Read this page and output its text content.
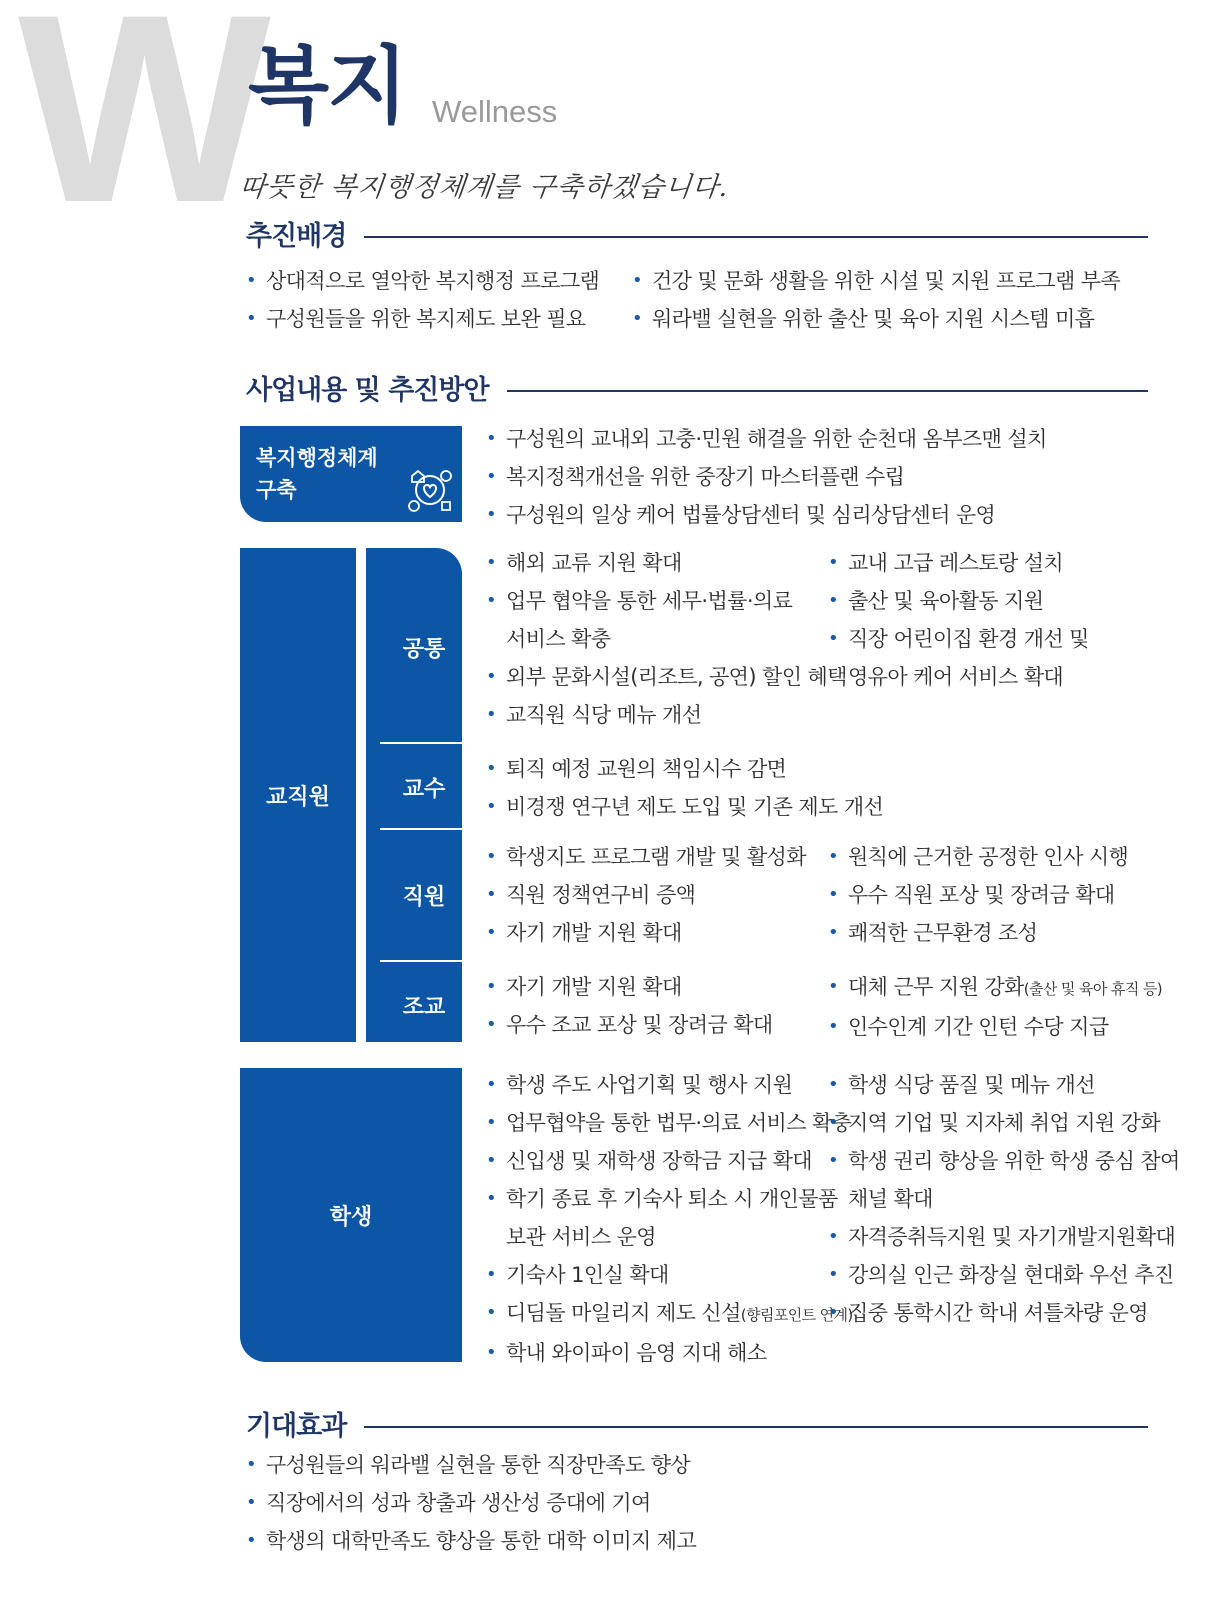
W
복지 Wellness
따뜻한 복지행정체계를 구축하겠습니다.
추진배경
• 상대적으로 열악한 복지행정 프로그램
• 구성원들을 위한 복지제도 보완 필요
• 건강 및 문화 생활을 위한 시설 및 지원 프로그램 부족
• 워라밸 실현을 위한 출산 및 육아 지원 시스템 미흡
사업내용 및 추진방안
복지행정체계
구축
• 구성원의 교내외 고충·민원 해결을 위한 순천대 옴부즈맨 설치
• 복지정책개선을 위한 중장기 마스터플랜 수립
• 구성원의 일상 케어 법률상담센터 및 심리상담센터 운영
교직원
공통
교수
직원
조교
• 해외 교류 지원 확대
• 업무 협약을 통한 세무·법률·의료
서비스 확충
• 외부 문화시설(리조트, 공연) 할인 혜택
• 교직원 식당 메뉴 개선
• 교내 고급 레스토랑 설치
• 출산 및 육아활동 지원
• 직장 어린이집 환경 개선 및
영유아 케어 서비스 확대
• 퇴직 예정 교원의 책임시수 감면
• 비경쟁 연구년 제도 도입 및 기존 제도 개선
• 학생지도 프로그램 개발 및 활성화
• 직원 정책연구비 증액
• 자기 개발 지원 확대
• 원칙에 근거한 공정한 인사 시행
• 우수 직원 포상 및 장려금 확대
• 쾌적한 근무환경 조성
• 자기 개발 지원 확대
• 우수 조교 포상 및 장려금 확대
• 대체 근무 지원 강화(출산 및 육아 휴직 등)
• 인수인계 기간 인턴 수당 지급
학생
• 학생 주도 사업기획 및 행사 지원
• 업무협약을 통한 법무·의료 서비스 확충
• 신입생 및 재학생 장학금 지급 확대
• 학기 종료 후 기숙사 퇴소 시 개인물품
보관 서비스 운영
• 기숙사 1인실 확대
• 디딤돌 마일리지 제도 신설(향림포인트 연계)
• 학내 와이파이 음영 지대 해소
• 학생 식당 품질 및 메뉴 개선
• 지역 기업 및 지자체 취업 지원 강화
• 학생 권리 향상을 위한 학생 중심 참여
채널 확대
• 자격증취득지원 및 자기개발지원확대
• 강의실 인근 화장실 현대화 우선 추진
• 집중 통학시간 학내 셔틀차량 운영
기대효과
• 구성원들의 워라밸 실현을 통한 직장만족도 향상
• 직장에서의 성과 창출과 생산성 증대에 기여
• 학생의 대학만족도 향상을 통한 대학 이미지 제고
